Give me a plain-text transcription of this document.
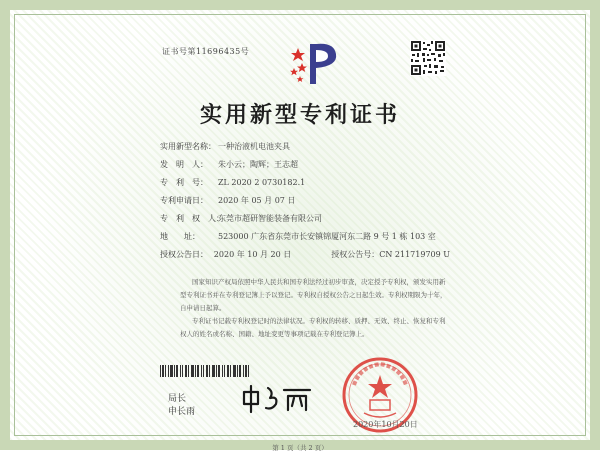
证书号第11696435号
实用新型专利证书
实用新型名称： 一种治液机电池夹具
发　明　人：	朱小云；陶辉；王志超
专　利　号：	ZL 2020 2 0730182.1
专利申请日：	2020 年 05 月 07 日
专　利　权　人：
东莞市超研智能装备有限公司
地　　址：	523000 广东省东莞市长安镇锦厦河东二路 9 号 1 栋 103 室
授权公告日： 2020 年 10 月 20 日	授权公告号： CN 211719709 U

国家知识产权局依照中华人民共和国专利法经过初步审查，决定授予专利权，颁发实用新型专利证书并在专利登记簿上予以登记。专利权自授权公告之日起生效。专利权期限为十年，自申请日起算。

专利证书记载专利权登记时的法律状况。专利权的转移、质押、无效、终止、恢复和专利权人的姓名或名称、国籍、地址变更等事项记载在专利登记簿上。

局长
申长雨
2020年10月20日
第 1 页（共 2 页）
